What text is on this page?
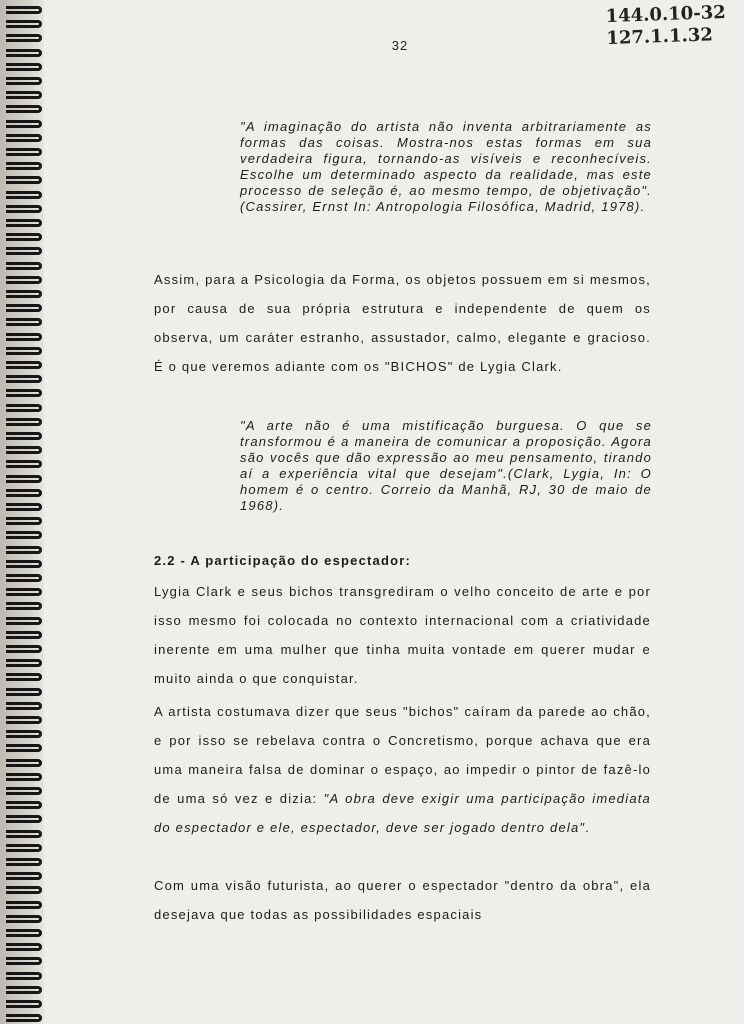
32
144.0.10-32
127.1.1.32
"A imaginação do artista não inventa arbitrariamente as formas das coisas. Mostra-nos estas formas em sua verdadeira figura, tornando-as visíveis e reconhecíveis. Escolhe um determinado aspecto da realidade, mas este processo de seleção é, ao mesmo tempo, de objetivação". (Cassirer, Ernst In: Antropologia Filosófica, Madrid, 1978).

Assim, para a Psicologia da Forma, os objetos possuem em si mesmos, por causa de sua própria estrutura e independente de quem os observa, um caráter estranho, assustador, calmo, elegante e gracioso. É o que veremos adiante com os "BICHOS" de Lygia Clark.

"A arte não é uma mistificação burguesa. O que se transformou é a maneira de comunicar a proposição. Agora são vocês que dão expressão ao meu pensamento, tirando aí a experiência vital que desejam".(Clark, Lygia, In: O homem é o centro. Correio da Manhã, RJ, 30 de maio de 1968).
2.2 - A participação do espectador:

Lygia Clark e seus bichos transgrediram o velho conceito de arte e por isso mesmo foi colocada no contexto internacional com a criatividade inerente em uma mulher que tinha muita vontade em querer mudar e muito ainda o que conquistar.

A artista costumava dizer que seus "bichos" caíram da parede ao chão, e por isso se rebelava contra o Concretismo, porque achava que era uma maneira falsa de dominar o espaço, ao impedir o pintor de fazê-lo de uma só vez e dizia: "A obra deve exigir uma participação imediata do espectador e ele, espectador, deve ser jogado dentro dela".

Com uma visão futurista, ao querer o espectador "dentro da obra", ela desejava que todas as possibilidades espaciais
